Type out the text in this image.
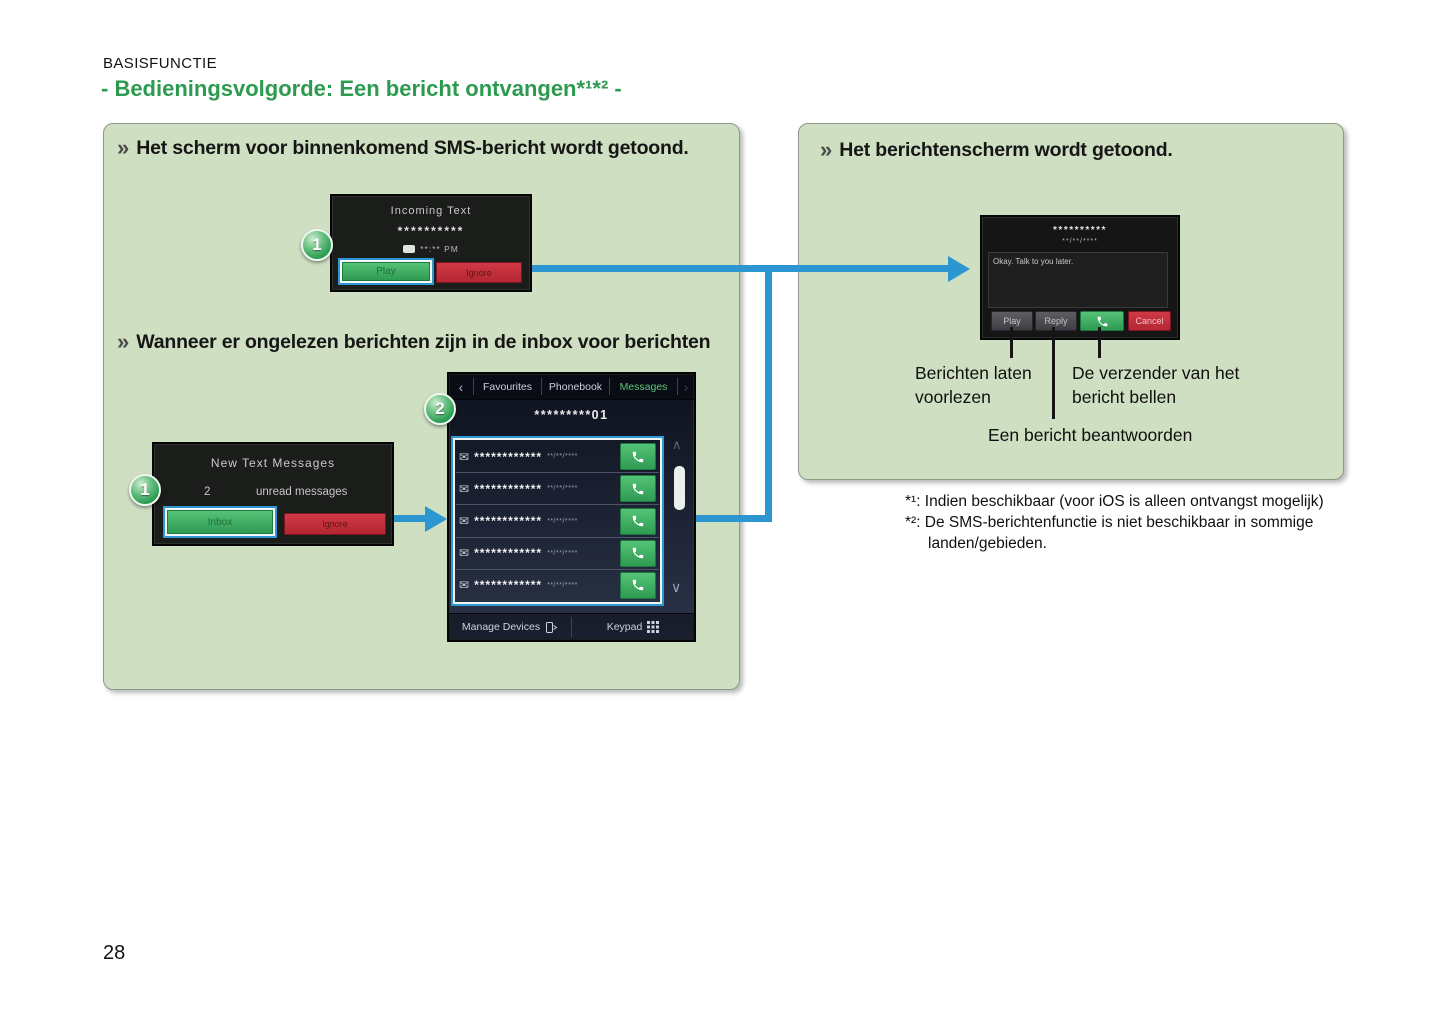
BASISFUNCTIE
- Bedieningsvolgorde: Een bericht ontvangen*¹*² -
» Het scherm voor binnenkomend SMS-bericht wordt getoond.
Incoming Text
**********
**:** PM
Play	Ignore
1
» Wanneer er ongelezen berichten zijn in de inbox voor berichten
New Text Messages
2	unread messages
Inbox	Ignore
1
‹	Favourites	Phonebook	Messages	›
*********01
✉ ************ **/**/****
✉ ************ **/**/****
✉ ************ **/**/****
✉ ************ **/**/****
✉ ************ **/**/****
∧
∨
Manage Devices	Keypad
2
» Het berichtenscherm wordt getoond.
**********
**/**/****
Okay. Talk to you later.
Play	Reply	Cancel
Berichten laten
voorlezen
De verzender van het
bericht bellen
Een bericht beantwoorden
*¹: Indien beschikbaar (voor iOS is alleen ontvangst mogelijk)
*²: De SMS-berichtenfunctie is niet beschikbaar in sommige
landen/gebieden.
28
